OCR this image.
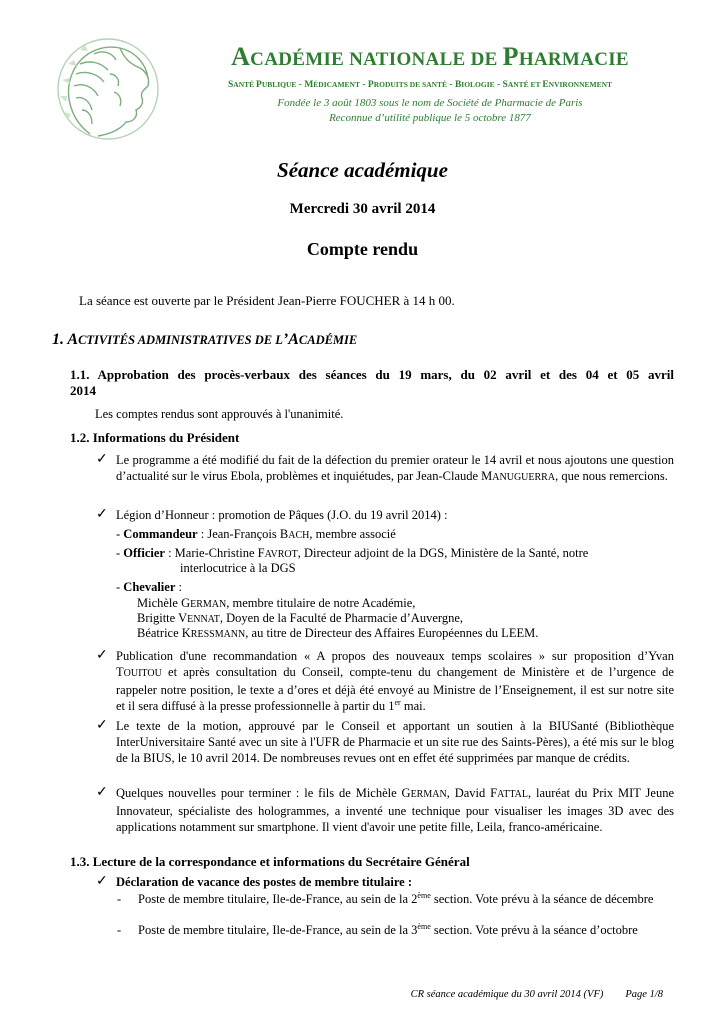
ACADÉMIE NATIONALE DE PHARMACIE
SANTÉ PUBLIQUE - MÉDICAMENT - PRODUITS DE SANTÉ - BIOLOGIE - SANTÉ ET ENVIRONNEMENT
Fondée le 3 août 1803 sous le nom de Société de Pharmacie de Paris
Reconnue d’utilité publique le 5 octobre 1877
Séance académique
Mercredi 30 avril 2014
Compte rendu
La séance est ouverte par le Président Jean-Pierre FOUCHER à 14 h 00.
1. ACTIVITÉS ADMINISTRATIVES DE L’ACADÉMIE
1.1. Approbation des procès-verbaux des séances du 19 mars, du 02 avril et des 04 et 05 avril
2014
Les comptes rendus sont approuvés à l'unanimité.
1.2. Informations du Président
✓ Le programme a été modifié du fait de la défection du premier orateur le 14 avril et nous ajoutons une question d’actualité sur le virus Ebola, problèmes et inquiétudes, par Jean-Claude MANUGUERRA, que nous remercions.
✓ Légion d’Honneur : promotion de Pâques (J.O. du 19 avril 2014) :
- Commandeur : Jean-François BACH, membre associé
- Officier : Marie-Christine FAVROT, Directeur adjoint de la DGS, Ministère de la Santé, notre
interlocutrice à la DGS
- Chevalier :
Michèle GERMAN, membre titulaire de notre Académie,
Brigitte VENNAT, Doyen de la Faculté de Pharmacie d’Auvergne,
Béatrice KRESSMANN, au titre de Directeur des Affaires Européennes du LEEM.
✓ Publication d'une recommandation « A propos des nouveaux temps scolaires » sur proposition d’Yvan TOUITOU et après consultation du Conseil, compte-tenu du changement de Ministère et de l’urgence de rappeler notre position, le texte a d’ores et déjà été envoyé au Ministre de l’Enseignement, il est sur notre site et il sera diffusé à la presse professionnelle à partir du 1er mai.
✓ Le texte de la motion, approuvé par le Conseil et apportant un soutien à la BIUSanté (Bibliothèque InterUniversitaire Santé avec un site à l'UFR de Pharmacie et un site rue des Saints-Pères), a été mis sur le blog de la BIUS, le 10 avril 2014. De nombreuses revues ont en effet été supprimées par manque de crédits.
✓ Quelques nouvelles pour terminer : le fils de Michèle GERMAN, David FATTAL, lauréat du Prix MIT Jeune Innovateur, spécialiste des hologrammes, a inventé une technique pour visualiser les images 3D avec des applications notamment sur smartphone. Il vient d'avoir une petite fille, Leila, franco-américaine.
1.3. Lecture de la correspondance et informations du Secrétaire Général
✓ Déclaration de vacance des postes de membre titulaire :
- Poste de membre titulaire, Ile-de-France, au sein de la 2ème section. Vote prévu à la séance de décembre
- Poste de membre titulaire, Ile-de-France, au sein de la 3ème section. Vote prévu à la séance d’octobre
CR séance académique du 30 avril 2014 (VF) Page 1/8
